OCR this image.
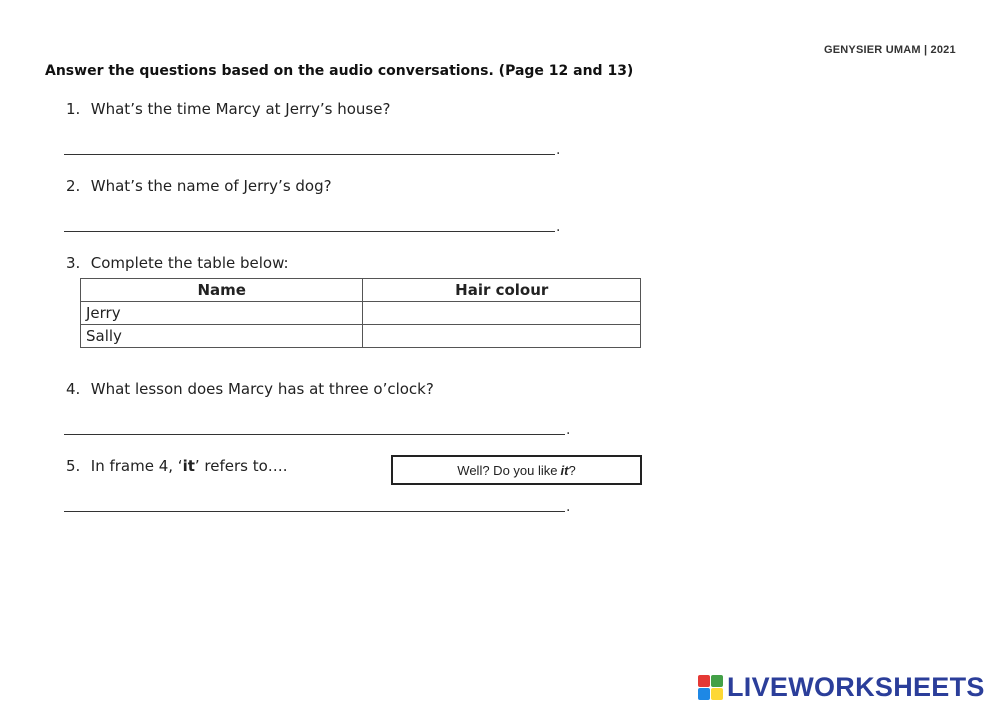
GENYSIER UMAM | 2021
Answer the questions based on the audio conversations. (Page 12 and 13)
1. What’s the time Marcy at Jerry’s house?
.
2. What’s the name of Jerry’s dog?
.
3. Complete the table below:
Name	Hair colour
Jerry	
Sally	
4. What lesson does Marcy has at three o’clock?
.
5. In frame 4, ‘it’ refers to….	Well? Do you like it ?
.
LIVEWORKSHEETS
